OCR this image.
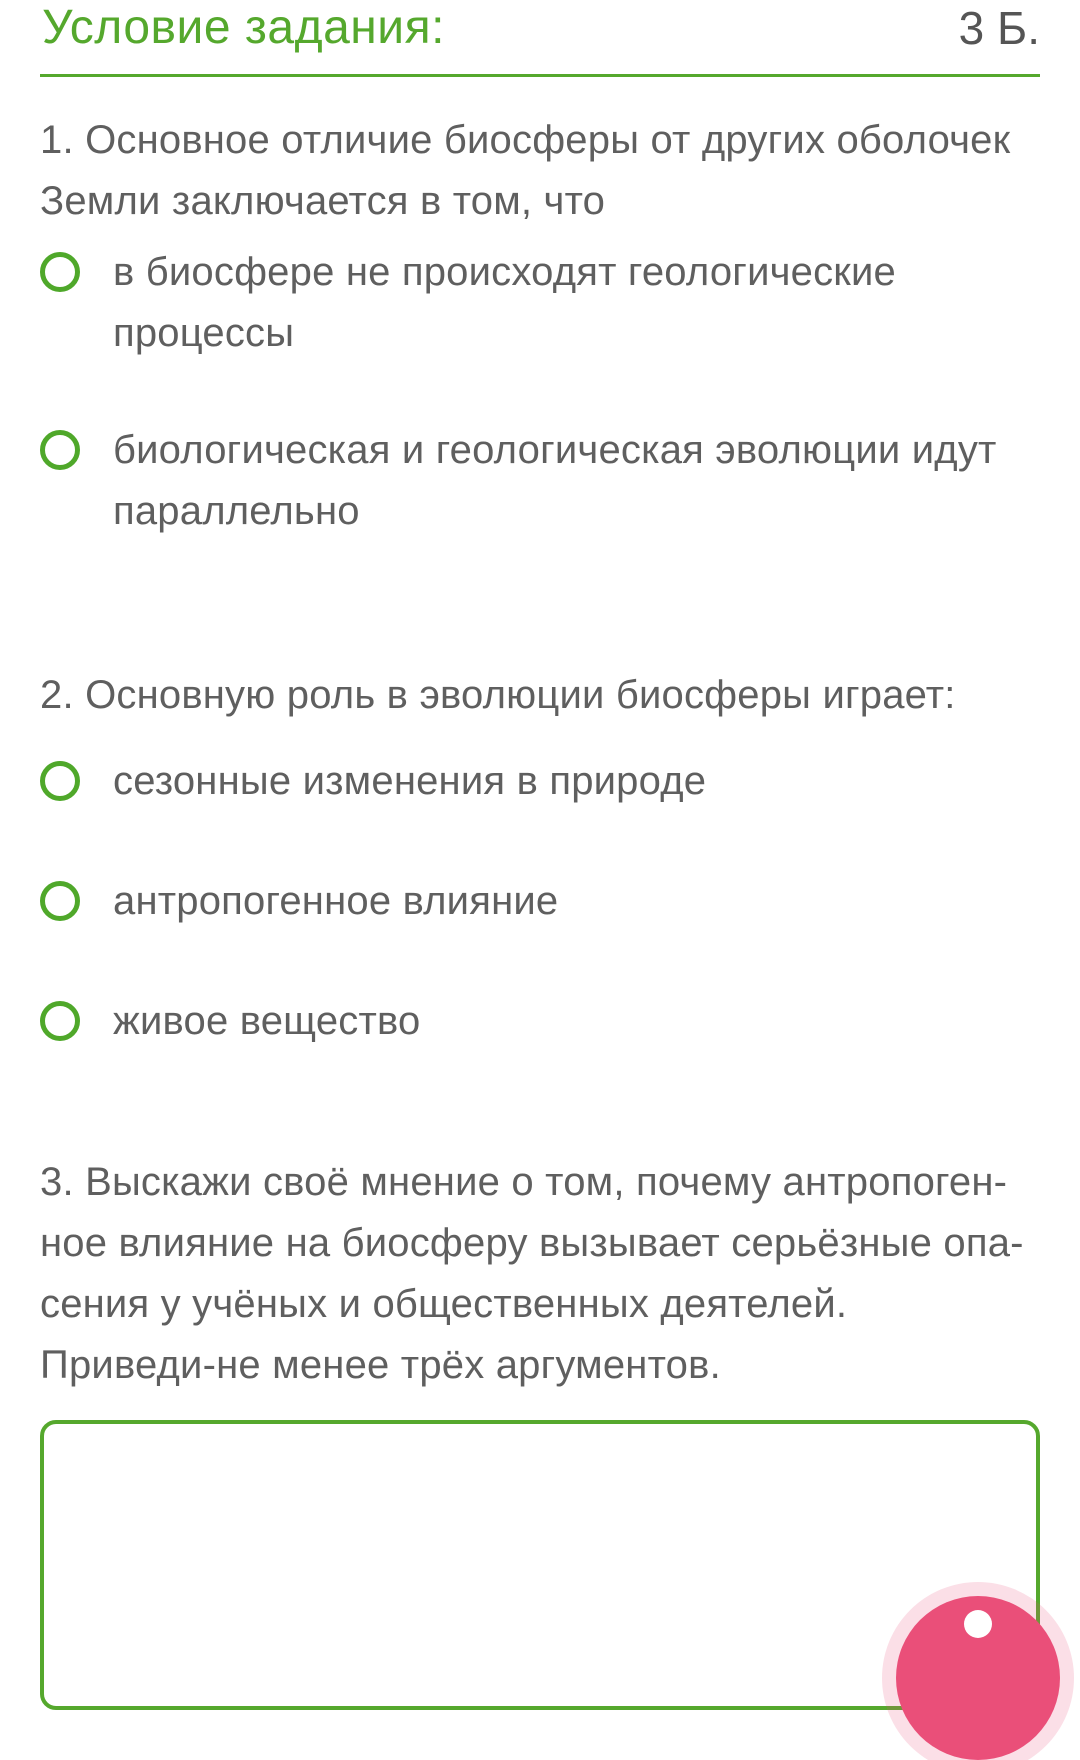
Условие задания:	3 Б.
1. Основное отличие биосферы от других оболочек Земли заключается в том, что
в биосфере не происходят геологические процессы
биологическая и геологическая эволюции идут параллельно
2. Основную роль в эволюции биосферы играет:
сезонные изменения в природе
антропогенное влияние
живое вещество
3. Выскажи своё мнение о том, почему антропоген-ное влияние на биосферу вызывает серьёзные опа-сения у учёных и общественных деятелей. Приведи-не менее трёх аргументов.
